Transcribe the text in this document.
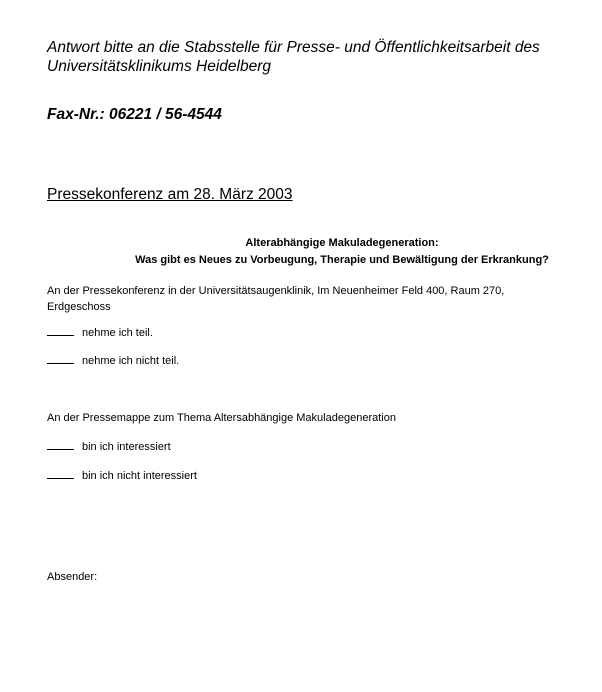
Antwort bitte an die Stabsstelle für Presse- und Öffentlichkeitsarbeit des
Universitätsklinikums Heidelberg
Fax-Nr.: 06221 / 56-4544
Pressekonferenz am 28. März 2003
Alterabhängige Makuladegeneration:
Was gibt es Neues zu Vorbeugung, Therapie und Bewältigung der Erkrankung?
An der Pressekonferenz in der Universitätsaugenklinik, Im Neuenheimer Feld 400, Raum 270,
Erdgeschoss
nehme ich teil.
nehme ich nicht teil.
An der Pressemappe zum Thema Altersabhängige Makuladegeneration
bin ich interessiert
bin ich nicht interessiert
Absender:
